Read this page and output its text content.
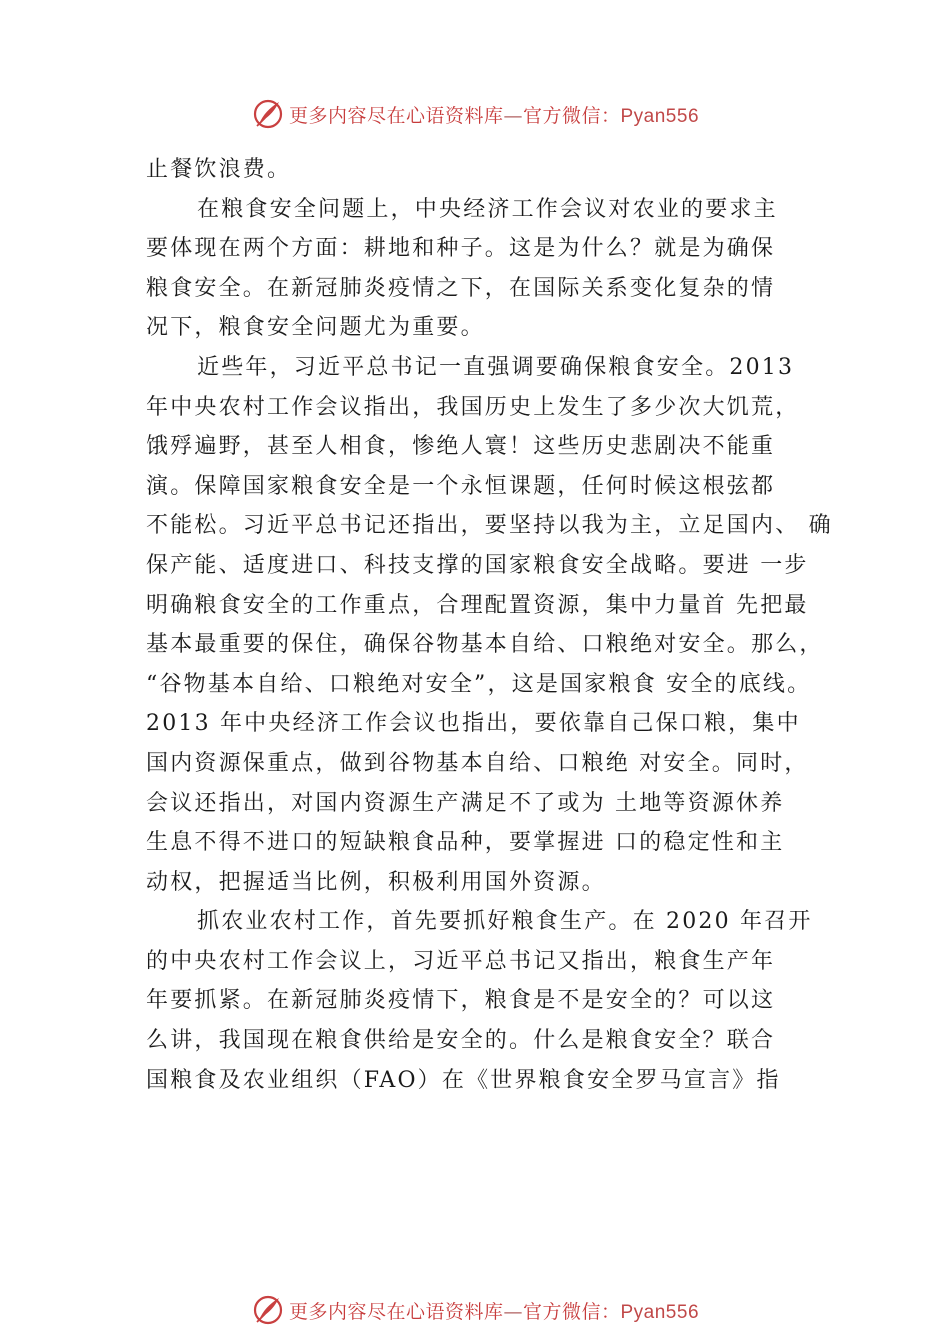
更多内容尽在心语资料库—官方微信：Pyan556
止餐饮浪费。
在粮食安全问题上，中央经济工作会议对农业的要求主
要体现在两个方面：耕地和种子。这是为什么？就是为确保
粮食安全。在新冠肺炎疫情之下，在国际关系变化复杂的情
况下，粮食安全问题尤为重要。
近些年，习近平总书记一直强调要确保粮食安全。2013
年中央农村工作会议指出，我国历史上发生了多少次大饥荒，
饿殍遍野，甚至人相食，惨绝人寰！这些历史悲剧决不能重
演。保障国家粮食安全是一个永恒课题，任何时候这根弦都
不能松。习近平总书记还指出，要坚持以我为主，立足国内、 确
保产能、适度进口、科技支撑的国家粮食安全战略。要进 一步
明确粮食安全的工作重点，合理配置资源，集中力量首 先把最
基本最重要的保住，确保谷物基本自给、口粮绝对安全。那么，
“谷物基本自给、口粮绝对安全”，这是国家粮食 安全的底线。
2013 年中央经济工作会议也指出，要依靠自己保口粮，集中
国内资源保重点，做到谷物基本自给、口粮绝 对安全。同时，
会议还指出，对国内资源生产满足不了或为 土地等资源休养
生息不得不进口的短缺粮食品种，要掌握进 口的稳定性和主
动权，把握适当比例，积极利用国外资源。
抓农业农村工作，首先要抓好粮食生产。在 2020 年召开
的中央农村工作会议上，习近平总书记又指出，粮食生产年
年要抓紧。在新冠肺炎疫情下，粮食是不是安全的？可以这
么讲，我国现在粮食供给是安全的。什么是粮食安全？联合
国粮食及农业组织（FAO）在《世界粮食安全罗马宣言》指
更多内容尽在心语资料库—官方微信：Pyan556
